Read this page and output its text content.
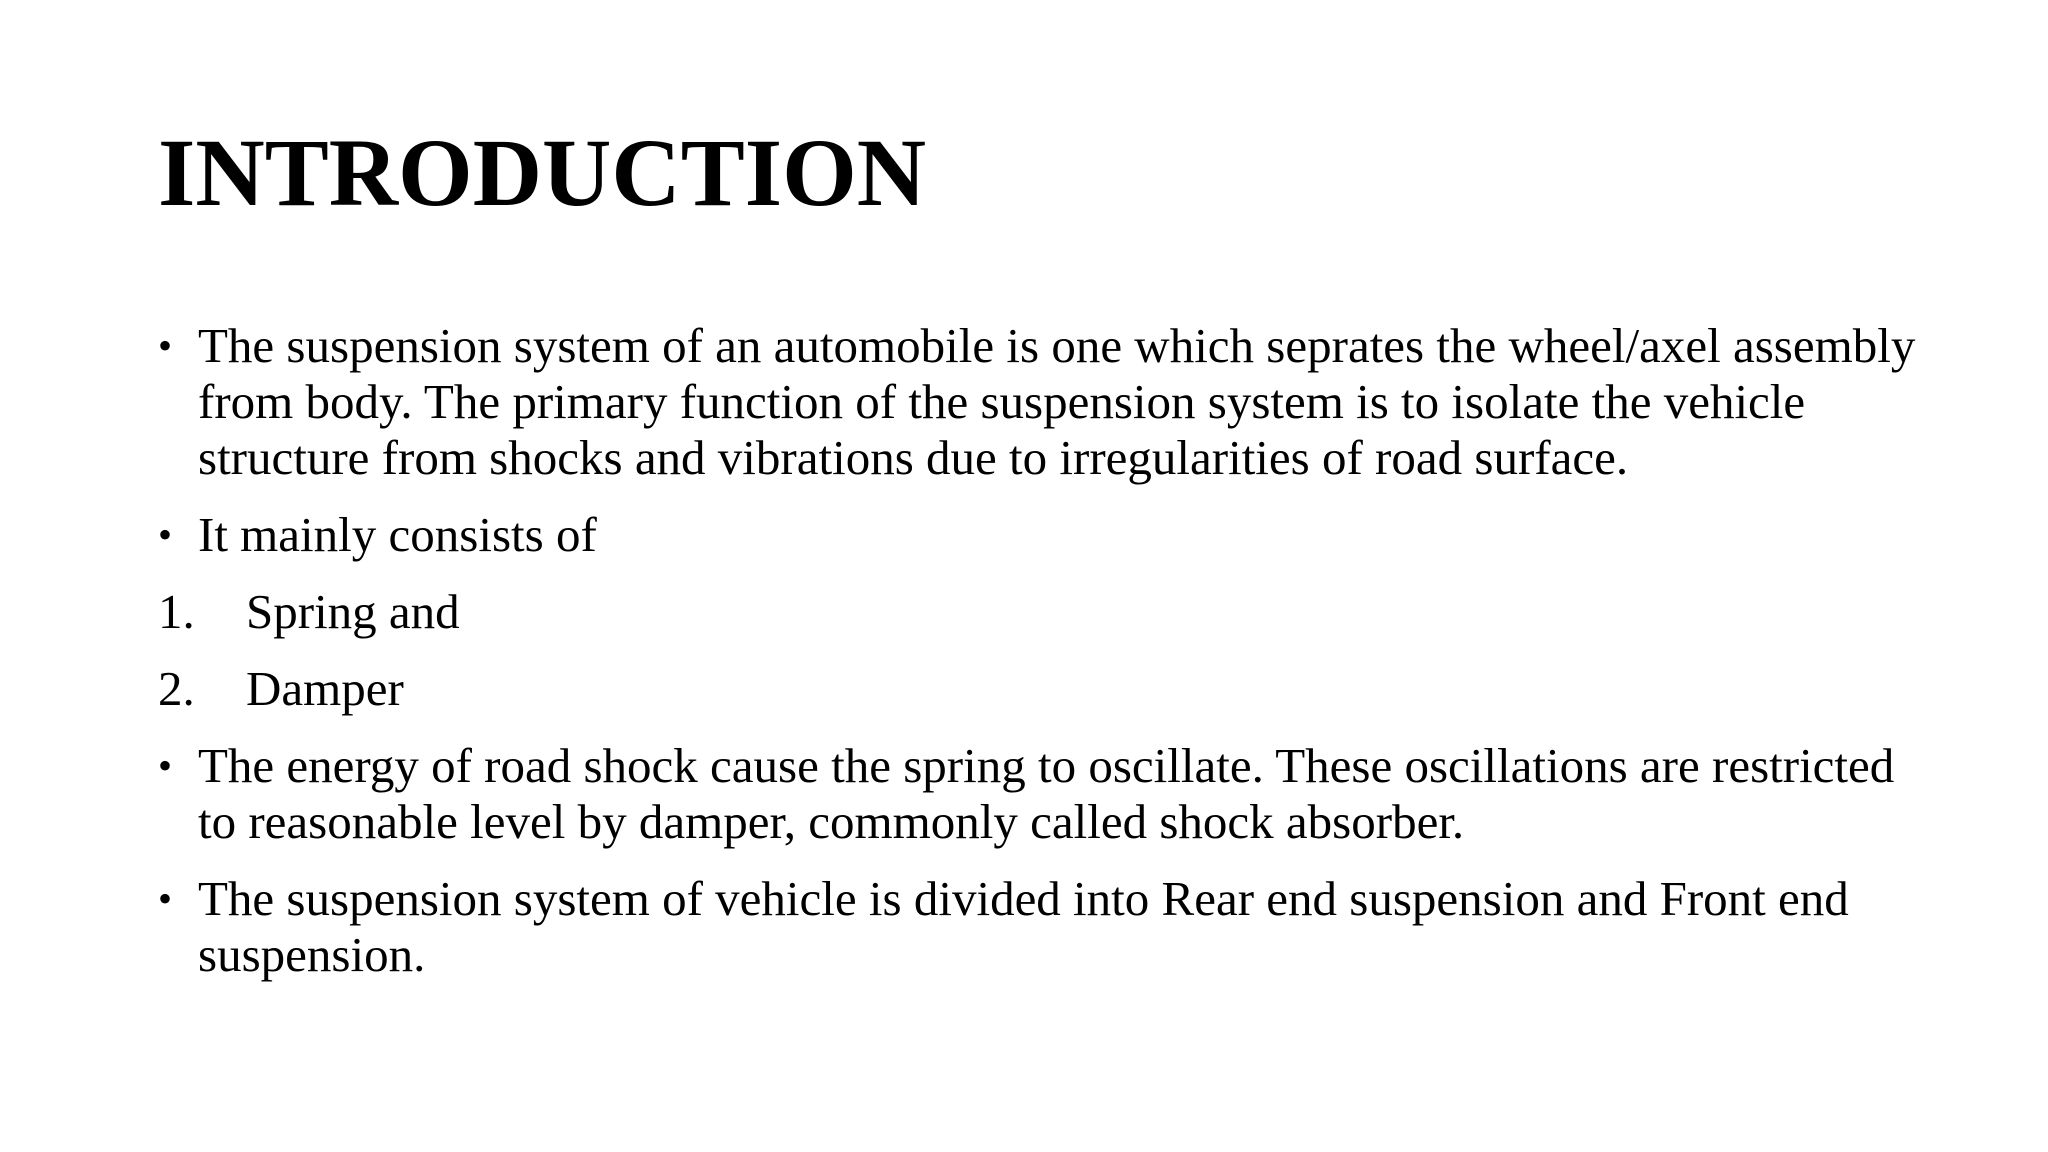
INTRODUCTION
• The suspension system of an automobile is one which seprates the wheel/axel assembly from body. The primary function of the suspension system is to isolate the vehicle structure from shocks and vibrations due to irregularities of road surface.
• It mainly consists of
1. Spring and
2. Damper
• The energy of road shock cause the spring to oscillate. These oscillations are restricted to reasonable level by damper, commonly called shock absorber.
• The suspension system of vehicle is divided into Rear end suspension and Front end suspension.
